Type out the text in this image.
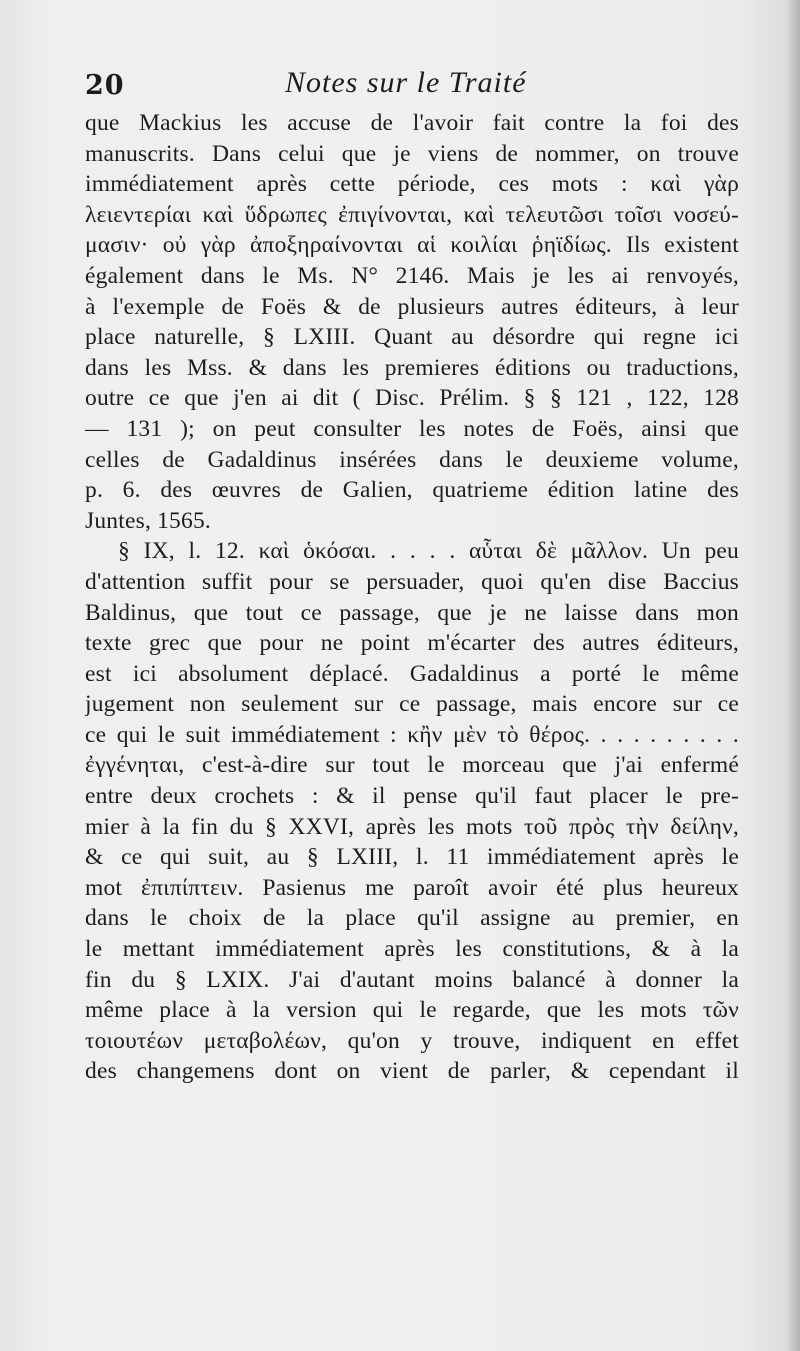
20	Notes sur le Traité
que Mackius les accuse de l'avoir fait contre la foi des
manuscrits. Dans celui que je viens de nommer, on trouve
immédiatement après cette période, ces mots : καὶ γὰρ
λειεντερίαι καὶ ὕδρωπες ἐπιγίνονται, καὶ τελευτῶσι τοῖσι νοσεύ-
μασιν· οὐ γὰρ ἀποξηραίνονται αἱ κοιλίαι ῥηϊδίως. Ils existent
également dans le Ms. N° 2146. Mais je les ai renvoyés,
à l'exemple de Foës & de plusieurs autres éditeurs, à leur
place naturelle, § LXIII. Quant au désordre qui regne ici
dans les Mss. & dans les premieres éditions ou traductions,
outre ce que j'en ai dit ( Disc. Prélim. § § 121 , 122, 128
— 131 ); on peut consulter les notes de Foës, ainsi que
celles de Gadaldinus insérées dans le deuxieme volume,
p. 6. des œuvres de Galien, quatrieme édition latine des
Juntes, 1565.
§ IX, l. 12. καὶ ὁκόσαι. . . . . αὗται δὲ μᾶλλον. Un peu
d'attention suffit pour se persuader, quoi qu'en dise Baccius
Baldinus, que tout ce passage, que je ne laisse dans mon
texte grec que pour ne point m'écarter des autres éditeurs,
est ici absolument déplacé. Gadaldinus a porté le même
jugement non seulement sur ce passage, mais encore sur ce
ce qui le suit immédiatement : κἢν μὲν τὸ θέρος. . . . . . . . . .
ἐγγένηται, c'est-à-dire sur tout le morceau que j'ai enfermé
entre deux crochets : & il pense qu'il faut placer le pre-
mier à la fin du § XXVI, après les mots τοῦ πρὸς τὴν δείλην,
& ce qui suit, au § LXIII, l. 11 immédiatement après le
mot ἐπιπίπτειν. Pasienus me paroît avoir été plus heureux
dans le choix de la place qu'il assigne au premier, en
le mettant immédiatement après les constitutions, & à la
fin du § LXIX. J'ai d'autant moins balancé à donner la
même place à la version qui le regarde, que les mots τῶν
τοιουτέων μεταβολέων, qu'on y trouve, indiquent en effet
des changemens dont on vient de parler, & cependant il
